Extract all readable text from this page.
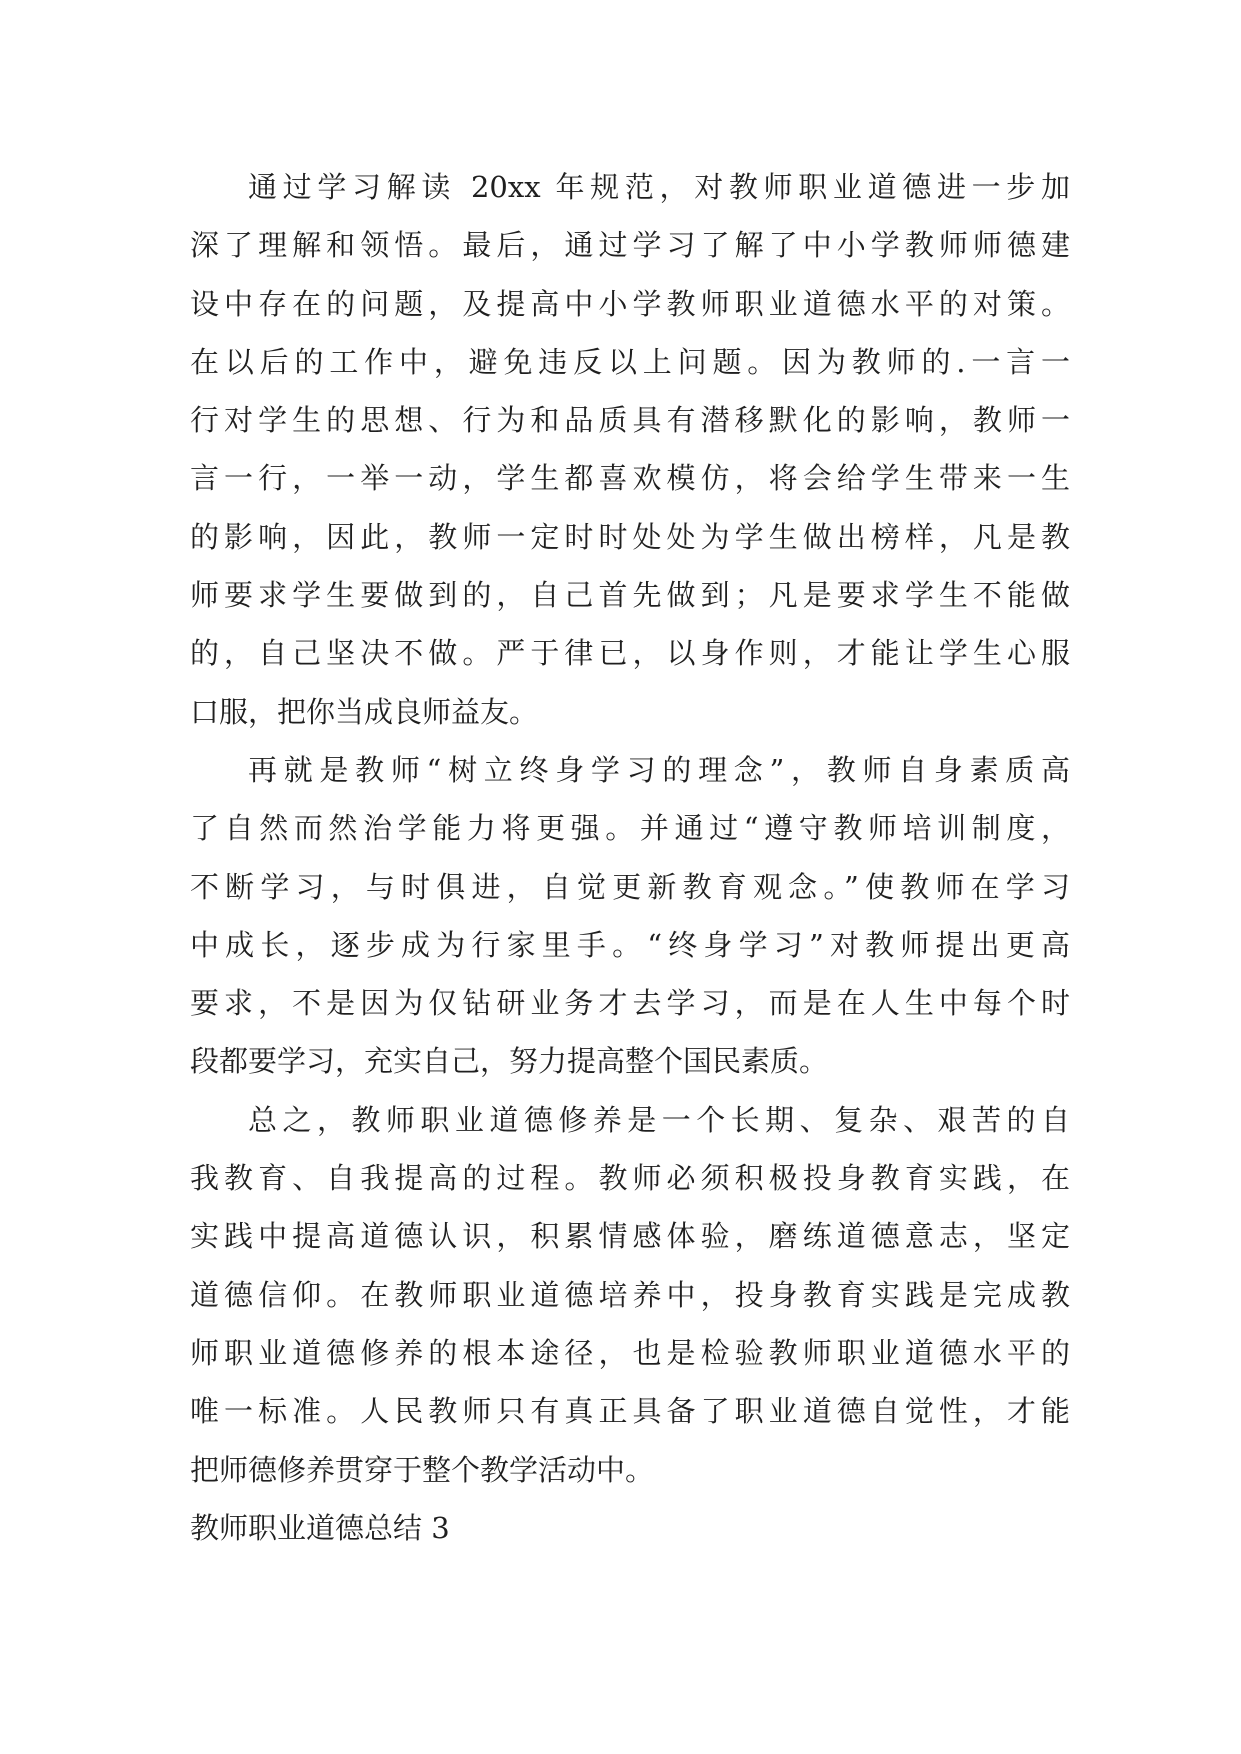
通过学习解读 20xx 年规范，对教师职业道德进一步加
深了理解和领悟。最后，通过学习了解了中小学教师师德建
设中存在的问题，及提高中小学教师职业道德水平的对策。
在以后的工作中，避免违反以上问题。因为教师的.一言一
行对学生的思想、行为和品质具有潜移默化的影响，教师一
言一行，一举一动，学生都喜欢模仿，将会给学生带来一生
的影响，因此，教师一定时时处处为学生做出榜样，凡是教
师要求学生要做到的，自己首先做到；凡是要求学生不能做
的，自己坚决不做。严于律已，以身作则，才能让学生心服
口服，把你当成良师益友。
再就是教师“树立终身学习的理念”，教师自身素质高
了自然而然治学能力将更强。并通过“遵守教师培训制度，
不断学习，与时俱进，自觉更新教育观念。”使教师在学习
中成长，逐步成为行家里手。“终身学习”对教师提出更高
要求，不是因为仅钻研业务才去学习，而是在人生中每个时
段都要学习，充实自己，努力提高整个国民素质。
总之，教师职业道德修养是一个长期、复杂、艰苦的自
我教育、自我提高的过程。教师必须积极投身教育实践，在
实践中提高道德认识，积累情感体验，磨练道德意志，坚定
道德信仰。在教师职业道德培养中，投身教育实践是完成教
师职业道德修养的根本途径，也是检验教师职业道德水平的
唯一标准。人民教师只有真正具备了职业道德自觉性，才能
把师德修养贯穿于整个教学活动中。
教师职业道德总结 3
